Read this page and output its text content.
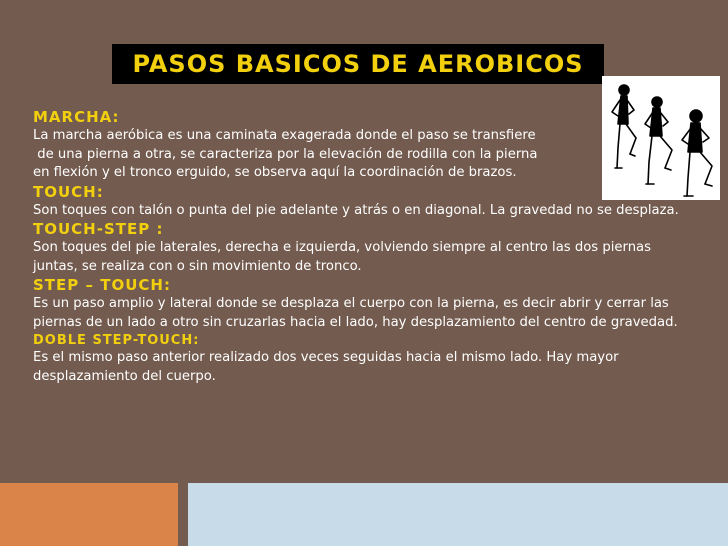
PASOS BASICOS DE AEROBICOS
MARCHA:

La marcha aeróbica es una caminata exagerada donde el paso se transfiere

de una pierna a otra, se caracteriza por la elevación de rodilla con la pierna

en flexión y el tronco erguido, se observa aquí la coordinación de brazos.

TOUCH:

Son toques con talón o punta del pie adelante y atrás o en diagonal. La gravedad no se desplaza.

TOUCH-STEP :

Son toques del pie laterales, derecha e izquierda, volviendo siempre al centro las dos piernas juntas, se realiza con o sin movimiento de tronco.

STEP – TOUCH:

Es un paso amplio y lateral donde se desplaza el cuerpo con la pierna, es decir abrir y cerrar las piernas de un lado a otro sin cruzarlas hacia el lado, hay desplazamiento del centro de gravedad.

DOBLE STEP-TOUCH:

Es el mismo paso anterior realizado dos veces seguidas hacia el mismo lado. Hay mayor desplazamiento del cuerpo.
